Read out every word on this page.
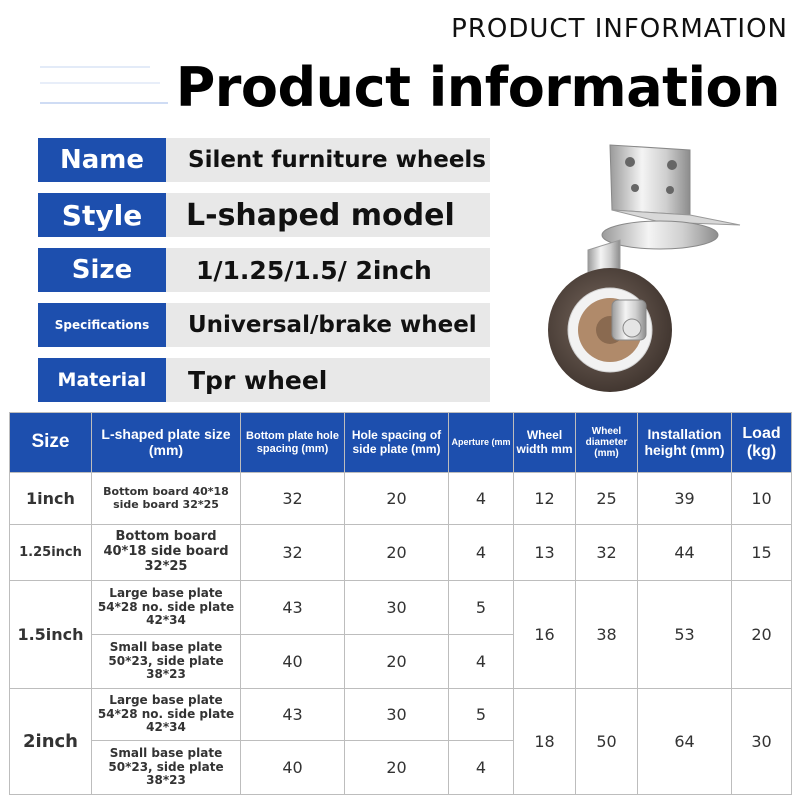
PRODUCT INFORMATION
Product information
Name	Silent furniture wheels
Style	L-shaped model
Size	1/1.25/1.5/ 2inch
Specifications	Universal/brake wheel
Material	Tpr wheel
Size	L-shaped plate size (mm)	Bottom plate hole spacing (mm)	Hole spacing of side plate (mm)	Aperture (mm	Wheel width mm	Wheel diameter (mm)	Installation height (mm)	Load (kg)
1inch	Bottom board 40*18 side board 32*25	32	20	4	12	25	39	10
1.25inch	Bottom board 40*18 side board 32*25	32	20	4	13	32	44	15
1.5inch	Large base plate 54*28 no. side plate 42*34	43	30	5	16	38	53	20
	Small base plate 50*23, side plate 38*23	40	20	4				
2inch	Large base plate 54*28 no. side plate 42*34	43	30	5	18	50	64	30
	Small base plate 50*23, side plate 38*23	40	20	4				
